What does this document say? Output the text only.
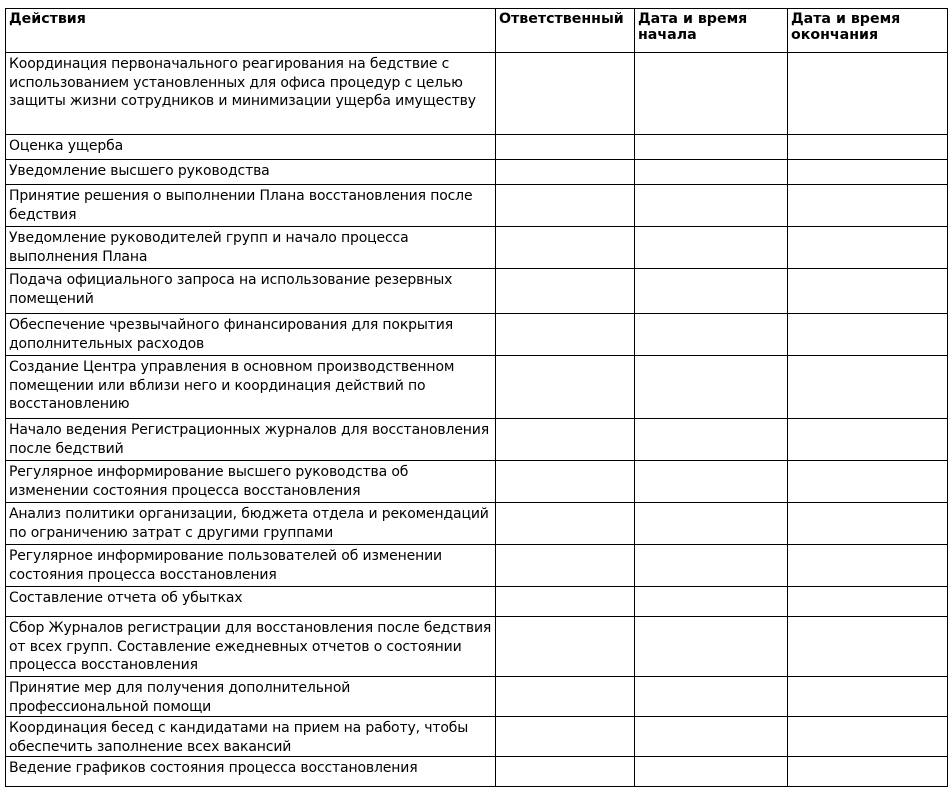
Действия	Ответственный	Дата и время начала	Дата и время окончания
Координация первоначального реагирования на бедствие с использованием установленных для офиса процедур с целью защиты жизни сотрудников и минимизации ущерба имуществу			
Оценка ущерба			
Уведомление высшего руководства			
Принятие решения о выполнении Плана восстановления после бедствия			
Уведомление руководителей групп и начало процесса выполнения Плана			
Подача официального запроса на использование резервных помещений			
Обеспечение чрезвычайного финансирования для покрытия дополнительных расходов			
Создание Центра управления в основном производственном помещении или вблизи него и координация действий по восстановлению			
Начало ведения Регистрационных журналов для восстановления после бедствий			
Регулярное информирование высшего руководства об изменении состояния процесса восстановления			
Анализ политики организации, бюджета отдела и рекомендаций по ограничению затрат с другими группами			
Регулярное информирование пользователей об изменении состояния процесса восстановления			
Составление отчета об убытках			
Сбор Журналов регистрации для восстановления после бедствия от всех групп. Составление ежедневных отчетов о состоянии процесса восстановления			
Принятие мер для получения дополнительной профессиональной помощи			
Координация бесед с кандидатами на прием на работу, чтобы обеспечить заполнение всех вакансий			
Ведение графиков состояния процесса восстановления			
